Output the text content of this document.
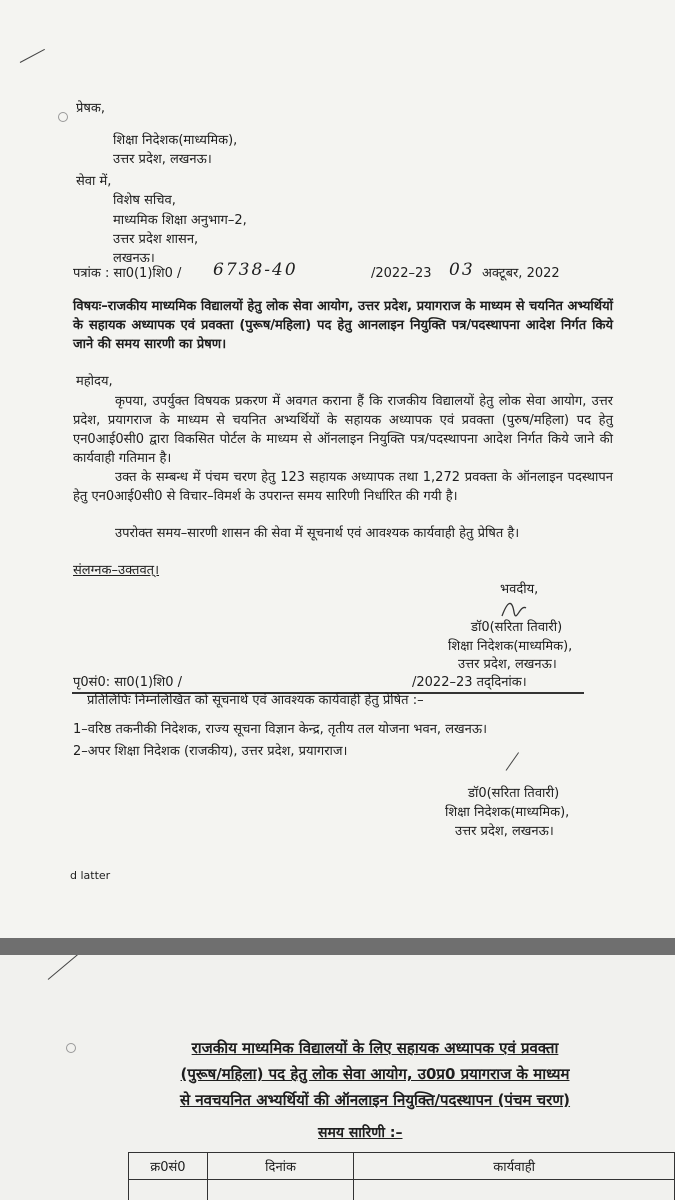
प्रेषक,
शिक्षा निदेशक(माध्यमिक),
उत्तर प्रदेश, लखनऊ।
सेवा में,
विशेष सचिव,
माध्यमिक शिक्षा अनुभाग–2,
उत्तर प्रदेश शासन,
लखनऊ।
पत्रांक : सा0(1)शि0 / 6738-40	/2022–23 03 अक्टूबर, 2022
विषयः–राजकीय माध्यमिक विद्यालयों हेतु लोक सेवा आयोग, उत्तर प्रदेश, प्रयागराज के माध्यम से चयनित अभ्यर्थियों के सहायक अध्यापक एवं प्रवक्ता (पुरूष/महिला) पद हेतु आनलाइन नियुक्ति पत्र/पदस्थापना आदेश निर्गत किये जाने की समय सारणी का प्रेषण।
महोदय,
कृपया, उपर्युक्त विषयक प्रकरण में अवगत कराना हैं कि राजकीय विद्यालयों हेतु लोक सेवा आयोग, उत्तर प्रदेश, प्रयागराज के माध्यम से चयनित अभ्यर्थियों के सहायक अध्यापक एवं प्रवक्ता (पुरुष/महिला) पद हेतु एन0आई0सी0 द्वारा विकसित पोर्टल के माध्यम से ऑनलाइन नियुक्ति पत्र/पदस्थापना आदेश निर्गत किये जाने की कार्यवाही गतिमान है।
उक्त के सम्बन्ध में पंचम चरण हेतु 123 सहायक अध्यापक तथा 1,272 प्रवक्ता के ऑनलाइन पदस्थापन हेतु एन0आई0सी0 से विचार–विमर्श के उपरान्त समय सारिणी निर्धारित की गयी है।
उपरोक्त समय–सारणी शासन की सेवा में सूचनार्थ एवं आवश्यक कार्यवाही हेतु प्रेषित है।
संलग्नक–उक्तवत्।
भवदीय,
डॉ0(सरिता तिवारी)
शिक्षा निदेशक(माध्यमिक),
उत्तर प्रदेश, लखनऊ।
पृ0सं0: सा0(1)शि0 /	/2022–23 तद्‌दिनांक।
प्रतिलिपिः निम्नलिखित को सूचनार्थ एवं आवश्यक कार्यवाही हेतु प्रेषित :–
1–वरिष्ठ तकनीकी निदेशक, राज्य सूचना विज्ञान केन्द्र, तृतीय तल योजना भवन, लखनऊ।
2–अपर शिक्षा निदेशक (राजकीय), उत्तर प्रदेश, प्रयागराज।
डॉ0(सरिता तिवारी)
शिक्षा निदेशक(माध्यमिक),
उत्तर प्रदेश, लखनऊ।
d latter
राजकीय माध्यमिक विद्यालयों के लिए सहायक अध्यापक एवं प्रवक्ता
(पुरूष/महिला) पद हेतु लोक सेवा आयोग, उ0प्र0 प्रयागराज के माध्यम
से नवचयनित अभ्यर्थियों की ऑनलाइन नियुक्ति/पदस्थापन (पंचम चरण)
समय सारिणी :–
क्र0सं0	दिनांक	कार्यवाही
